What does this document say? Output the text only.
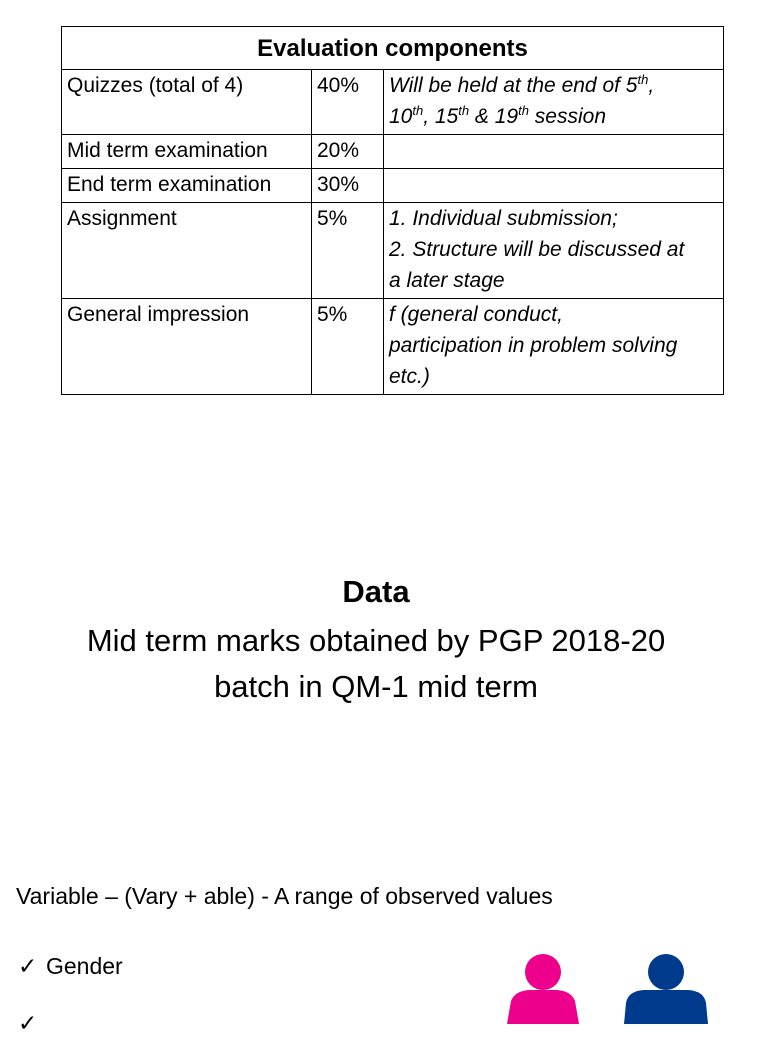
Evaluation components		
Quizzes (total of 4)	40%	Will be held at the end of 5th,
10th, 15th & 19th session
Mid term examination	20%	
End term examination	30%	
Assignment	5%	1. Individual submission;
2. Structure will be discussed at
a later stage
General impression	5%	f (general conduct,
participation in problem solving
etc.)
Data
Mid term marks obtained by PGP 2018-20
batch in QM-1 mid term
Variable – (Vary + able) - A range of observed values
✓ Gender
✓
